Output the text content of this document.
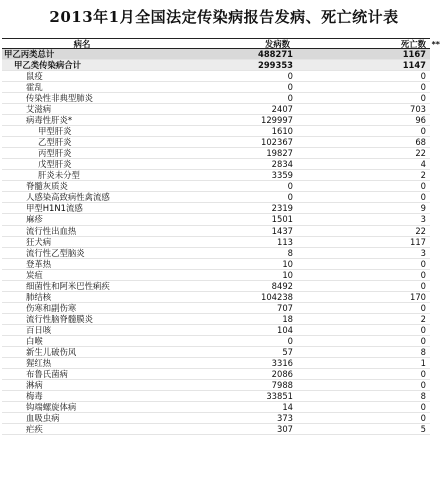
2013年1月全国法定传染病报告发病、死亡统计表
病名	发病数	死亡数 **
甲乙丙类总计	488271	1167
甲乙类传染病合计	299353	1147
鼠疫	0	0
霍乱	0	0
传染性非典型肺炎	0	0
艾滋病	2407	703
病毒性肝炎*	129997	96
甲型肝炎	1610	0
乙型肝炎	102367	68
丙型肝炎	19827	22
戊型肝炎	2834	4
肝炎未分型	3359	2
脊髓灰质炎	0	0
人感染高致病性禽流感	0	0
甲型H1N1流感	2319	9
麻疹	1501	3
流行性出血热	1437	22
狂犬病	113	117
流行性乙型脑炎	8	3
登革热	10	0
炭疽	10	0
细菌性和阿米巴性痢疾	8492	0
肺结核	104238	170
伤寒和副伤寒	707	0
流行性脑脊髓膜炎	18	2
百日咳	104	0
白喉	0	0
新生儿破伤风	57	8
猩红热	3316	1
布鲁氏菌病	2086	0
淋病	7988	0
梅毒	33851	8
钩端螺旋体病	14	0
血吸虫病	373	0
疟疾	307	5
